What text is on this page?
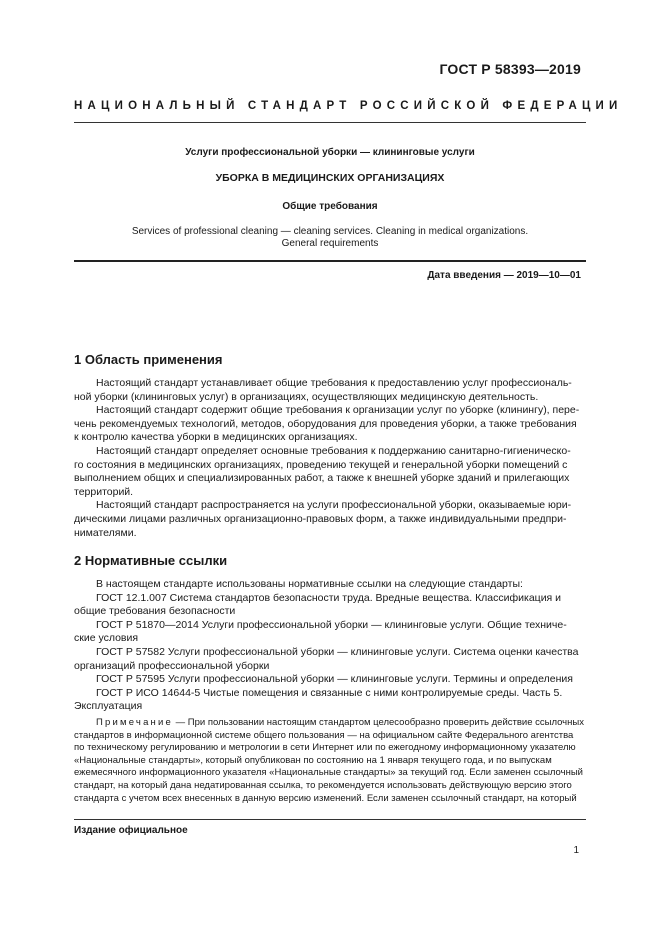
ГОСТ Р 58393—2019
НАЦИОНАЛЬНЫЙ СТАНДАРТ РОССИЙСКОЙ ФЕДЕРАЦИИ
Услуги профессиональной уборки — клининговые услуги
УБОРКА В МЕДИЦИНСКИХ ОРГАНИЗАЦИЯХ
Общие требования
Services of professional cleaning — cleaning services. Cleaning in medical organizations.
General requirements
Дата введения — 2019—10—01
1 Область применения
Настоящий стандарт устанавливает общие требования к предоставлению услуг профессиональ-
ной уборки (клининговых услуг) в организациях, осуществляющих медицинскую деятельность.
Настоящий стандарт содержит общие требования к организации услуг по уборке (клинингу), пере-
чень рекомендуемых технологий, методов, оборудования для проведения уборки, а также требования
к контролю качества уборки в медицинских организациях.
Настоящий стандарт определяет основные требования к поддержанию санитарно-гигиеническо-
го состояния в медицинских организациях, проведению текущей и генеральной уборки помещений с
выполнением общих и специализированных работ, а также к внешней уборке зданий и прилегающих
территорий.
Настоящий стандарт распространяется на услуги профессиональной уборки, оказываемые юри-
дическими лицами различных организационно-правовых форм, а также индивидуальными предпри-
нимателями.
2 Нормативные ссылки
В настоящем стандарте использованы нормативные ссылки на следующие стандарты:
ГОСТ 12.1.007 Система стандартов безопасности труда. Вредные вещества. Классификация и
общие требования безопасности
ГОСТ Р 51870—2014 Услуги профессиональной уборки — клининговые услуги. Общие техниче-
ские условия
ГОСТ Р 57582 Услуги профессиональной уборки — клининговые услуги. Система оценки качества
организаций профессиональной уборки
ГОСТ Р 57595 Услуги профессиональной уборки — клининговые услуги. Термины и определения
ГОСТ Р ИСО 14644-5 Чистые помещения и связанные с ними контролируемые среды. Часть 5.
Эксплуатация
Примечание — При пользовании настоящим стандартом целесообразно проверить действие ссылочных
стандартов в информационной системе общего пользования — на официальном сайте Федерального агентства
по техническому регулированию и метрологии в сети Интернет или по ежегодному информационному указателю
«Национальные стандарты», который опубликован по состоянию на 1 января текущего года, и по выпускам
ежемесячного информационного указателя «Национальные стандарты» за текущий год. Если заменен ссылочный
стандарт, на который дана недатированная ссылка, то рекомендуется использовать действующую версию этого
стандарта с учетом всех внесенных в данную версию изменений. Если заменен ссылочный стандарт, на который
Издание официальное
1
